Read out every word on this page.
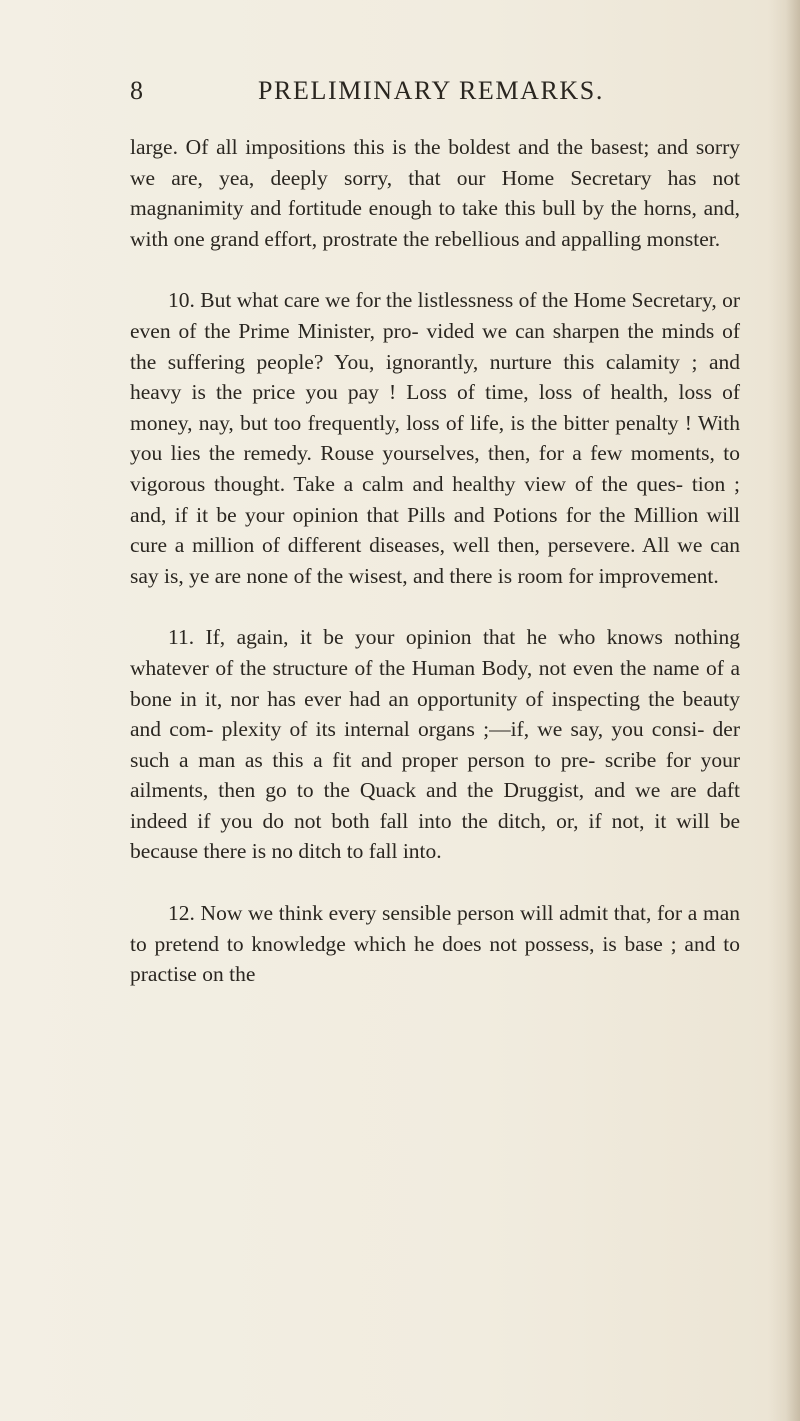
8	PRELIMINARY REMARKS.

large. Of all impositions this is the boldest and the basest; and sorry we are, yea, deeply sorry, that our Home Secretary has not magnanimity and fortitude enough to take this bull by the horns, and, with one grand effort, prostrate the rebellious and appalling monster.

10. But what care we for the listlessness of the Home Secretary, or even of the Prime Minister, pro- vided we can sharpen the minds of the suffering people? You, ignorantly, nurture this calamity ; and heavy is the price you pay ! Loss of time, loss of health, loss of money, nay, but too frequently, loss of life, is the bitter penalty ! With you lies the remedy. Rouse yourselves, then, for a few moments, to vigorous thought. Take a calm and healthy view of the ques- tion ; and, if it be your opinion that Pills and Potions for the Million will cure a million of different diseases, well then, persevere. All we can say is, ye are none of the wisest, and there is room for improvement.

11. If, again, it be your opinion that he who knows nothing whatever of the structure of the Human Body, not even the name of a bone in it, nor has ever had an opportunity of inspecting the beauty and com- plexity of its internal organs ;—if, we say, you consi- der such a man as this a fit and proper person to pre- scribe for your ailments, then go to the Quack and the Druggist, and we are daft indeed if you do not both fall into the ditch, or, if not, it will be because there is no ditch to fall into.

12. Now we think every sensible person will admit that, for a man to pretend to knowledge which he does not possess, is base ; and to practise on the
